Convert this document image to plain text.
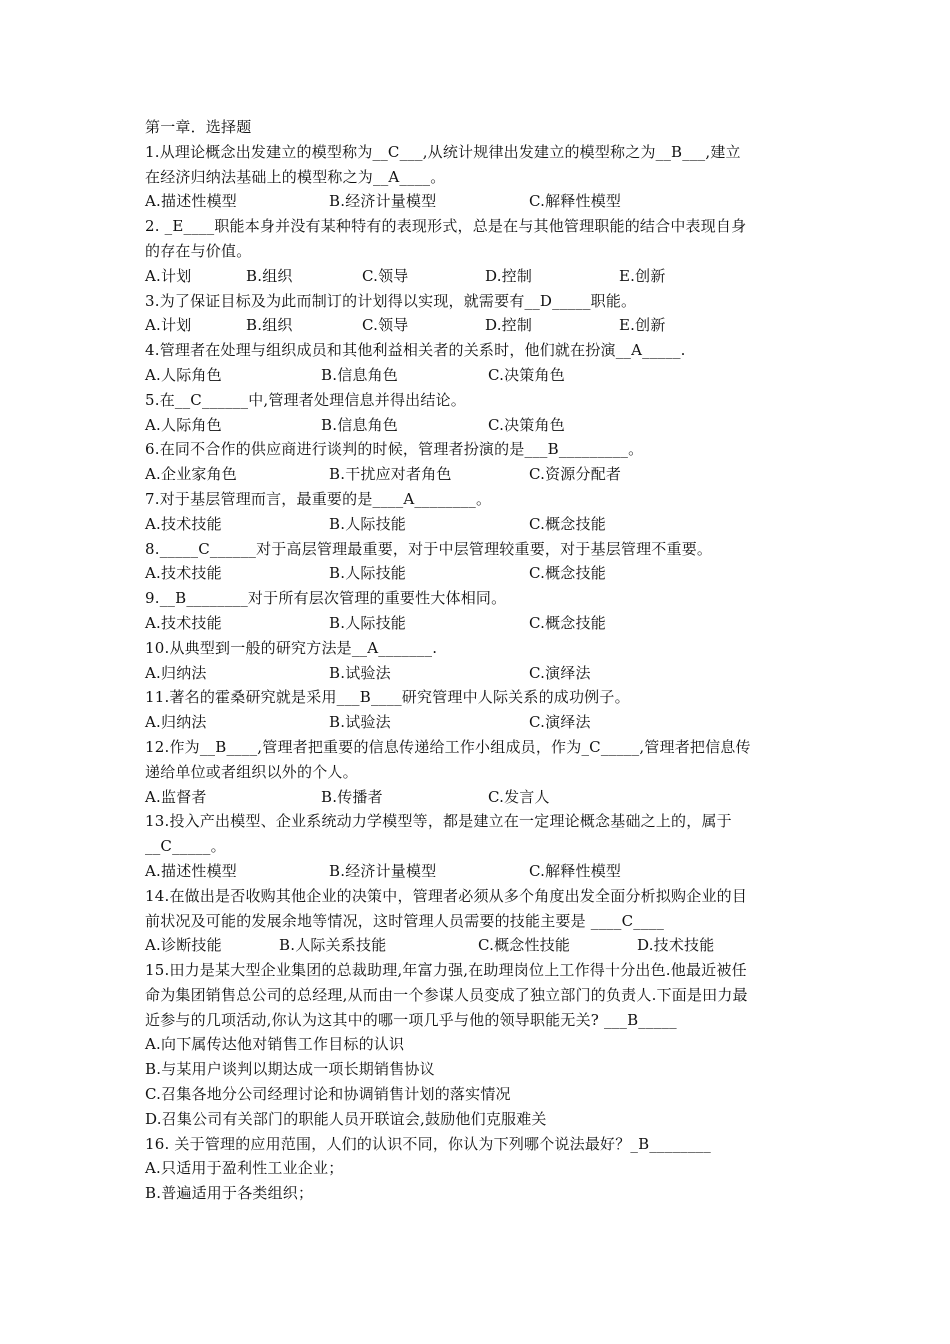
第一章．选择题
1.从理论概念出发建立的模型称为__C___,从统计规律出发建立的模型称之为__B___,建立
在经济归纳法基础上的模型称之为__A____。
A.描述性模型	B.经济计量模型	C.解释性模型
2. _E____职能本身并没有某种特有的表现形式，总是在与其他管理职能的结合中表现自身
的存在与价值。
A.计划	B.组织	C.领导	D.控制	E.创新
3.为了保证目标及为此而制订的计划得以实现，就需要有__D_____职能。
A.计划	B.组织	C.领导	D.控制	E.创新
4.管理者在处理与组织成员和其他利益相关者的关系时，他们就在扮演__A_____.
A.人际角色	B.信息角色	C.决策角色
5.在__C______中,管理者处理信息并得出结论。
A.人际角色	B.信息角色	C.决策角色
6.在同不合作的供应商进行谈判的时候，管理者扮演的是___B_________。
A.企业家角色	B.干扰应对者角色	C.资源分配者
7.对于基层管理而言，最重要的是____A________。
A.技术技能	B.人际技能	C.概念技能
8._____C______对于高层管理最重要，对于中层管理较重要，对于基层管理不重要。
A.技术技能	B.人际技能	C.概念技能
9.__B________对于所有层次管理的重要性大体相同。
A.技术技能	B.人际技能	C.概念技能
10.从典型到一般的研究方法是__A_______.
A.归纳法	B.试验法	C.演绎法
11.著名的霍桑研究就是采用___B____研究管理中人际关系的成功例子。
A.归纳法	B.试验法	C.演绎法
12.作为__B____,管理者把重要的信息传递给工作小组成员，作为_C_____,管理者把信息传
递给单位或者组织以外的个人。
A.监督者	B.传播者	C.发言人
13.投入产出模型、企业系统动力学模型等，都是建立在一定理论概念基础之上的，属于
__C_____。
A.描述性模型	B.经济计量模型	C.解释性模型
14.在做出是否收购其他企业的决策中，管理者必须从多个角度出发全面分析拟购企业的目
前状况及可能的发展余地等情况，这时管理人员需要的技能主要是 ____C____
A.诊断技能	B.人际关系技能	C.概念性技能	D.技术技能
15.田力是某大型企业集团的总裁助理,年富力强,在助理岗位上工作得十分出色.他最近被任
命为集团销售总公司的总经理,从而由一个参谋人员变成了独立部门的负责人.下面是田力最
近参与的几项活动,你认为这其中的哪一项几乎与他的领导职能无关? ___B_____
A.向下属传达他对销售工作目标的认识
B.与某用户谈判以期达成一项长期销售协议
C.召集各地分公司经理讨论和协调销售计划的落实情况
D.召集公司有关部门的职能人员开联谊会,鼓励他们克服难关
16. 关于管理的应用范围，人们的认识不同，你认为下列哪个说法最好？_B________
A.只适用于盈利性工业企业；
B.普遍适用于各类组织；
